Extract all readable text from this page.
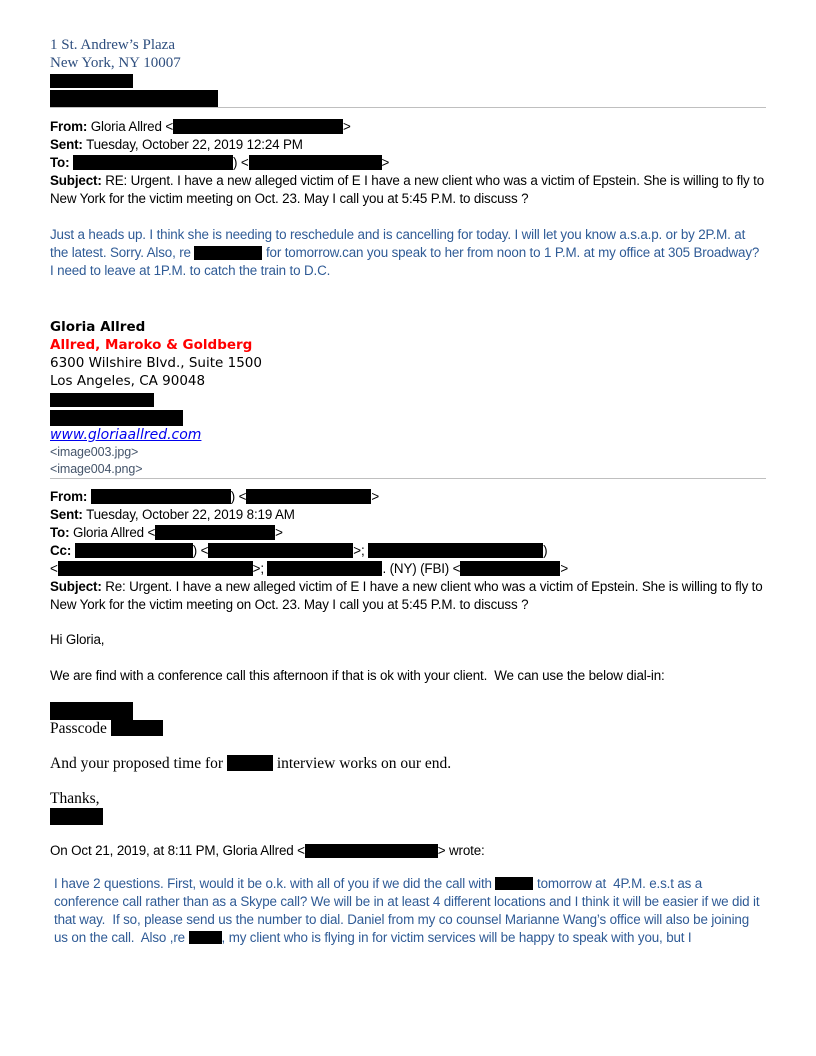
1 St. Andrew’s Plaza
New York, NY 10007
From: Gloria Allred <	>
Sent: Tuesday, October 22, 2019 12:24 PM
To:	) <	>
Subject: RE: Urgent. I have a new alleged victim of E I have a new client who was a victim of Epstein. She is willing to fly to New York for the victim meeting on Oct. 23. May I call you at 5:45 P.M. to discuss ?
Just a heads up. I think she is needing to reschedule and is cancelling for today. I will let you know a.s.a.p. or by 2P.M. at the latest. Sorry. Also, re	for tomorrow.can you speak to her from noon to 1 P.M. at my office at 305 Broadway? I need to leave at 1P.M. to catch the train to D.C.
Gloria Allred
Allred, Maroko & Goldberg
6300 Wilshire Blvd., Suite 1500
Los Angeles, CA 90048
www.gloriaallred.com
<image003.jpg>
<image004.png>
From:	) <	>
Sent: Tuesday, October 22, 2019 8:19 AM
To: Gloria Allred <	>
Cc:	) <	>;	)
<	>;	. (NY) (FBI) <	>
Subject: Re: Urgent. I have a new alleged victim of E I have a new client who was a victim of Epstein. She is willing to fly to New York for the victim meeting on Oct. 23. May I call you at 5:45 P.M. to discuss ?
Hi Gloria,
We are find with a conference call this afternoon if that is ok with your client.  We can use the below dial-in:
Passcode
And your proposed time for	interview works on our end.
Thanks,
On Oct 21, 2019, at 8:11 PM, Gloria Allred <	> wrote:
I have 2 questions. First, would it be o.k. with all of you if we did the call with	tomorrow at  4P.M. e.s.t as a conference call rather than as a Skype call? We will be in at least 4 different locations and I think it will be easier if we did it that way.  If so, please send us the number to dial. Daniel from my co counsel Marianne Wang’s office will also be joining us on the call.  Also ,re , my client who is flying in for victim services will be happy to speak with you, but I
